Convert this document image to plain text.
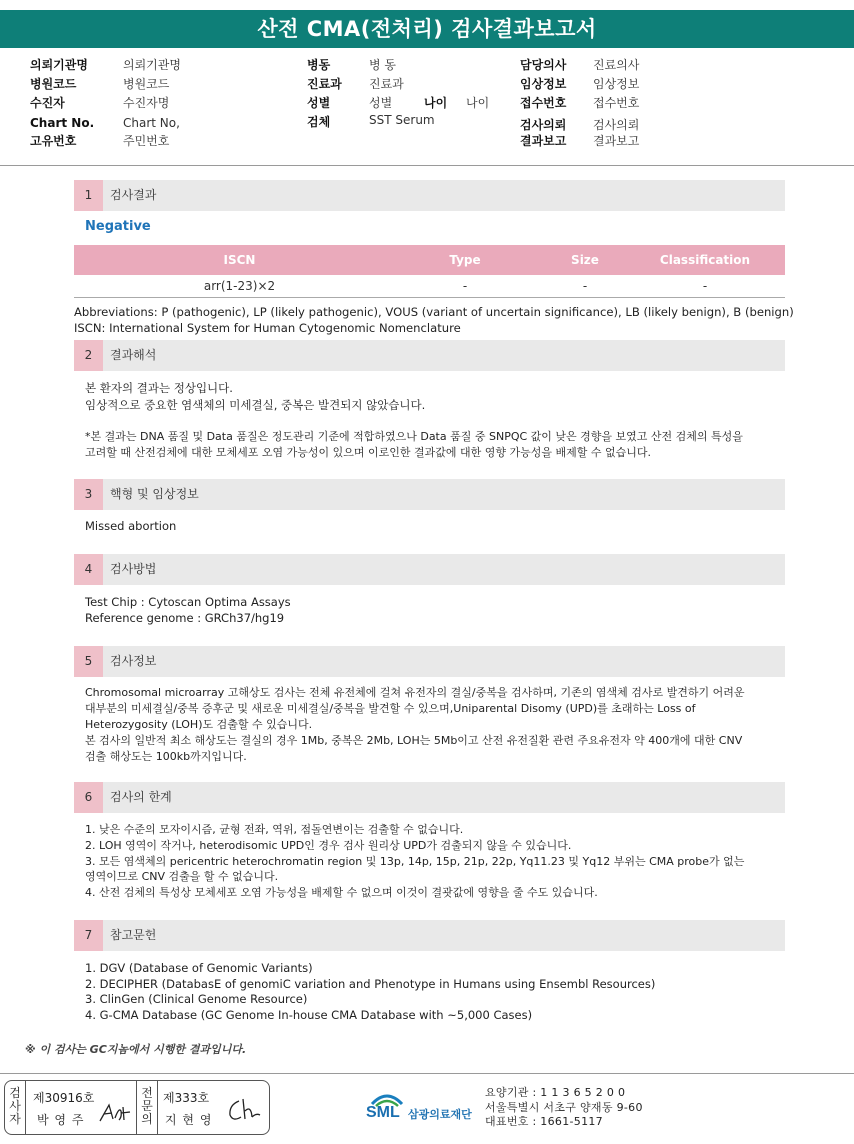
산전 CMA(전처리) 검사결과보고서
의뢰기관명	의뢰기관명
병원코드	병원코드
수진자	수진자명
Chart No. Chart No,
고유번호	주민번호
병동	병 동
진료과 진료과
성별	성별	나이 나이
검체	SST Serum
담당의사 진료의사
임상정보 임상정보
접수번호 접수번호
검사의뢰 검사의뢰
결과보고 결과보고
1	검사결과
Negative
ISCN	Type	Size	Classification
arr(1-23)×2	-	-	-
Abbreviations: P (pathogenic), LP (likely pathogenic), VOUS (variant of uncertain significance), LB (likely benign), B (benign)
ISCN: International System for Human Cytogenomic Nomenclature
2	결과해석
본 환자의 결과는 정상입니다.
임상적으로 중요한 염색체의 미세결실, 중복은 발견되지 않았습니다.
*본 결과는 DNA 품질 및 Data 품질은 정도관리 기준에 적합하였으나 Data 품질 중 SNPQC 값이 낮은 경향을 보였고 산전 검체의 특성을
고려할 때 산전검체에 대한 모체세포 오염 가능성이 있으며 이로인한 결과값에 대한 영향 가능성을 배제할 수 없습니다.
3	핵형 및 임상정보
Missed abortion
4	검사방법
Test Chip : Cytoscan Optima Assays
Reference genome : GRCh37/hg19
5	검사정보
Chromosomal microarray 고해상도 검사는 전체 유전체에 걸쳐 유전자의 결실/중복을 검사하며, 기존의 염색체 검사로 발견하기 어려운
대부분의 미세결실/중복 증후군 및 새로운 미세결실/중복을 발견할 수 있으며,Uniparental Disomy (UPD)를 초래하는 Loss of
Heterozygosity (LOH)도 검출할 수 있습니다.
본 검사의 일반적 최소 해상도는 결실의 경우 1Mb, 중복은 2Mb, LOH는 5Mb이고 산전 유전질환 관련 주요유전자 약 400개에 대한 CNV
검출 해상도는 100kb까지입니다.
6	검사의 한계
1. 낮은 수준의 모자이시즘, 균형 전좌, 역위, 점돌연변이는 검출할 수 없습니다.
2. LOH 영역이 작거나, heterodisomic UPD인 경우 검사 원리상 UPD가 검출되지 않을 수 있습니다.
3. 모든 염색체의 pericentric heterochromatin region 및 13p, 14p, 15p, 21p, 22p, Yq11.23 및 Yq12 부위는 CMA probe가 없는
영역이므로 CNV 검출을 할 수 없습니다.
4. 산전 검체의 특성상 모체세포 오염 가능성을 배제할 수 없으며 이것이 결괏값에 영향을 줄 수도 있습니다.
7	참고문헌
1. DGV (Database of Genomic Variants)
2. DECIPHER (DatabasE of genomiC variation and Phenotype in Humans using Ensembl Resources)
3. ClinGen (Clinical Genome Resource)
4. G-CMA Database (GC Genome In-house CMA Database with ~5,000 Cases)
※ 이 검사는 GC지놈에서 시행한 결과입니다.
검사자
제30916호
박 영 주
전문의
제333호
지 현 영	SML 삼광의료재단
요양기관 : 1 1 3 6 5 2 0 0
서울특별시 서초구 양재동 9-60
대표번호 : 1661-5117
